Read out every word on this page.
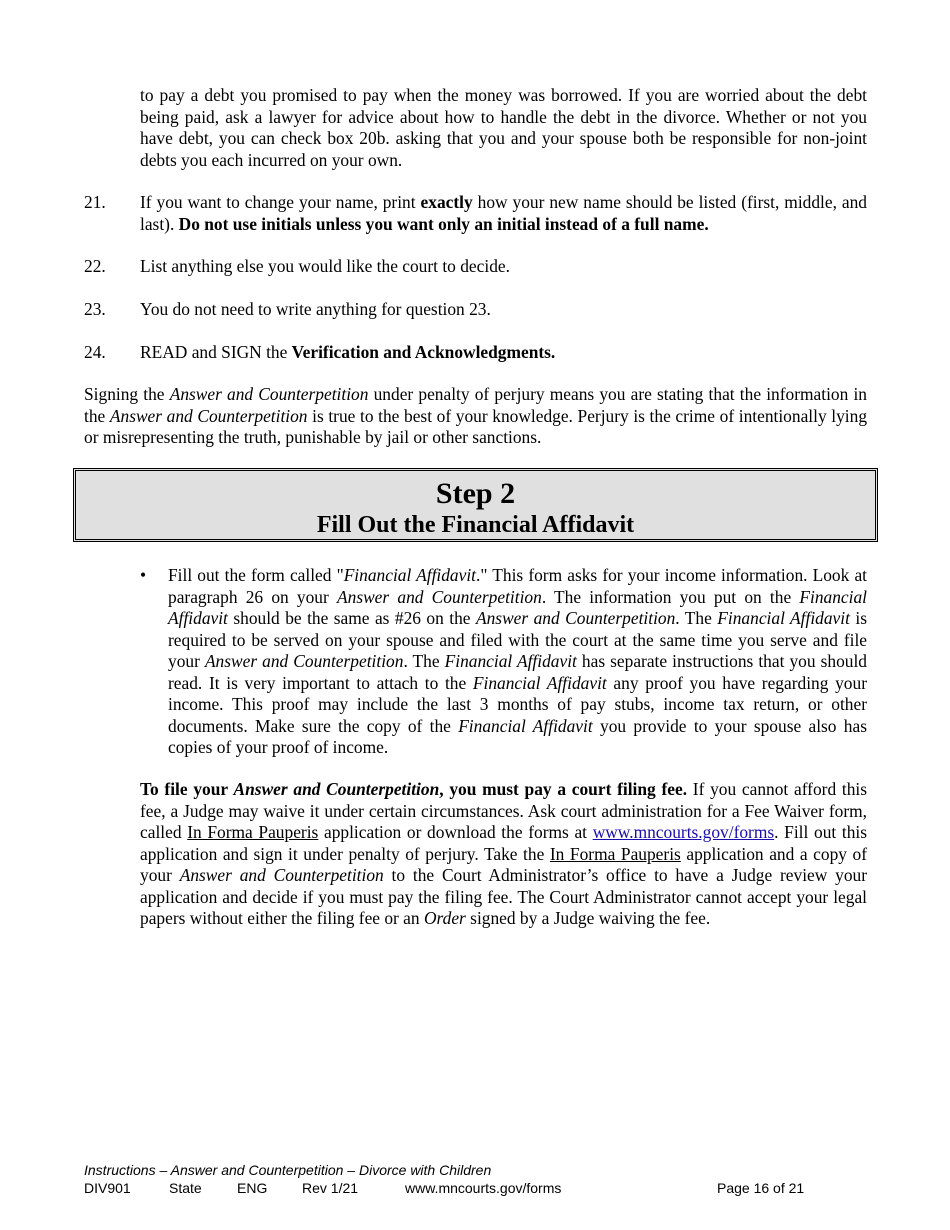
to pay a debt you promised to pay when the money was borrowed. If you are worried about the debt being paid, ask a lawyer for advice about how to handle the debt in the divorce. Whether or not you have debt, you can check box 20b. asking that you and your spouse both be responsible for non-joint debts you each incurred on your own.

21. If you want to change your name, print exactly how your new name should be listed (first, middle, and last). Do not use initials unless you want only an initial instead of a full name.

22. List anything else you would like the court to decide.

23. You do not need to write anything for question 23.

24. READ and SIGN the Verification and Acknowledgments.

Signing the Answer and Counterpetition under penalty of perjury means you are stating that the information in the Answer and Counterpetition is true to the best of your knowledge. Perjury is the crime of intentionally lying or misrepresenting the truth, punishable by jail or other sanctions.

Step 2
Fill Out the Financial Affidavit
• Fill out the form called "Financial Affidavit." This form asks for your income information. Look at paragraph 26 on your Answer and Counterpetition. The information you put on the Financial Affidavit should be the same as #26 on the Answer and Counterpetition. The Financial Affidavit is required to be served on your spouse and filed with the court at the same time you serve and file your Answer and Counterpetition. The Financial Affidavit has separate instructions that you should read. It is very important to attach to the Financial Affidavit any proof you have regarding your income. This proof may include the last 3 months of pay stubs, income tax return, or other documents. Make sure the copy of the Financial Affidavit you provide to your spouse also has copies of your proof of income.

To file your Answer and Counterpetition, you must pay a court filing fee. If you cannot afford this fee, a Judge may waive it under certain circumstances. Ask court administration for a Fee Waiver form, called In Forma Pauperis application or download the forms at www.mncourts.gov/forms. Fill out this application and sign it under penalty of perjury. Take the In Forma Pauperis application and a copy of your Answer and Counterpetition to the Court Administrator’s office to have a Judge review your application and decide if you must pay the filing fee. The Court Administrator cannot accept your legal papers without either the filing fee or an Order signed by a Judge waiving the fee.

Instructions – Answer and Counterpetition – Divorce with Children
DIV901	State	ENG Rev 1/21	www.mncourts.gov/forms	Page 16 of 21
